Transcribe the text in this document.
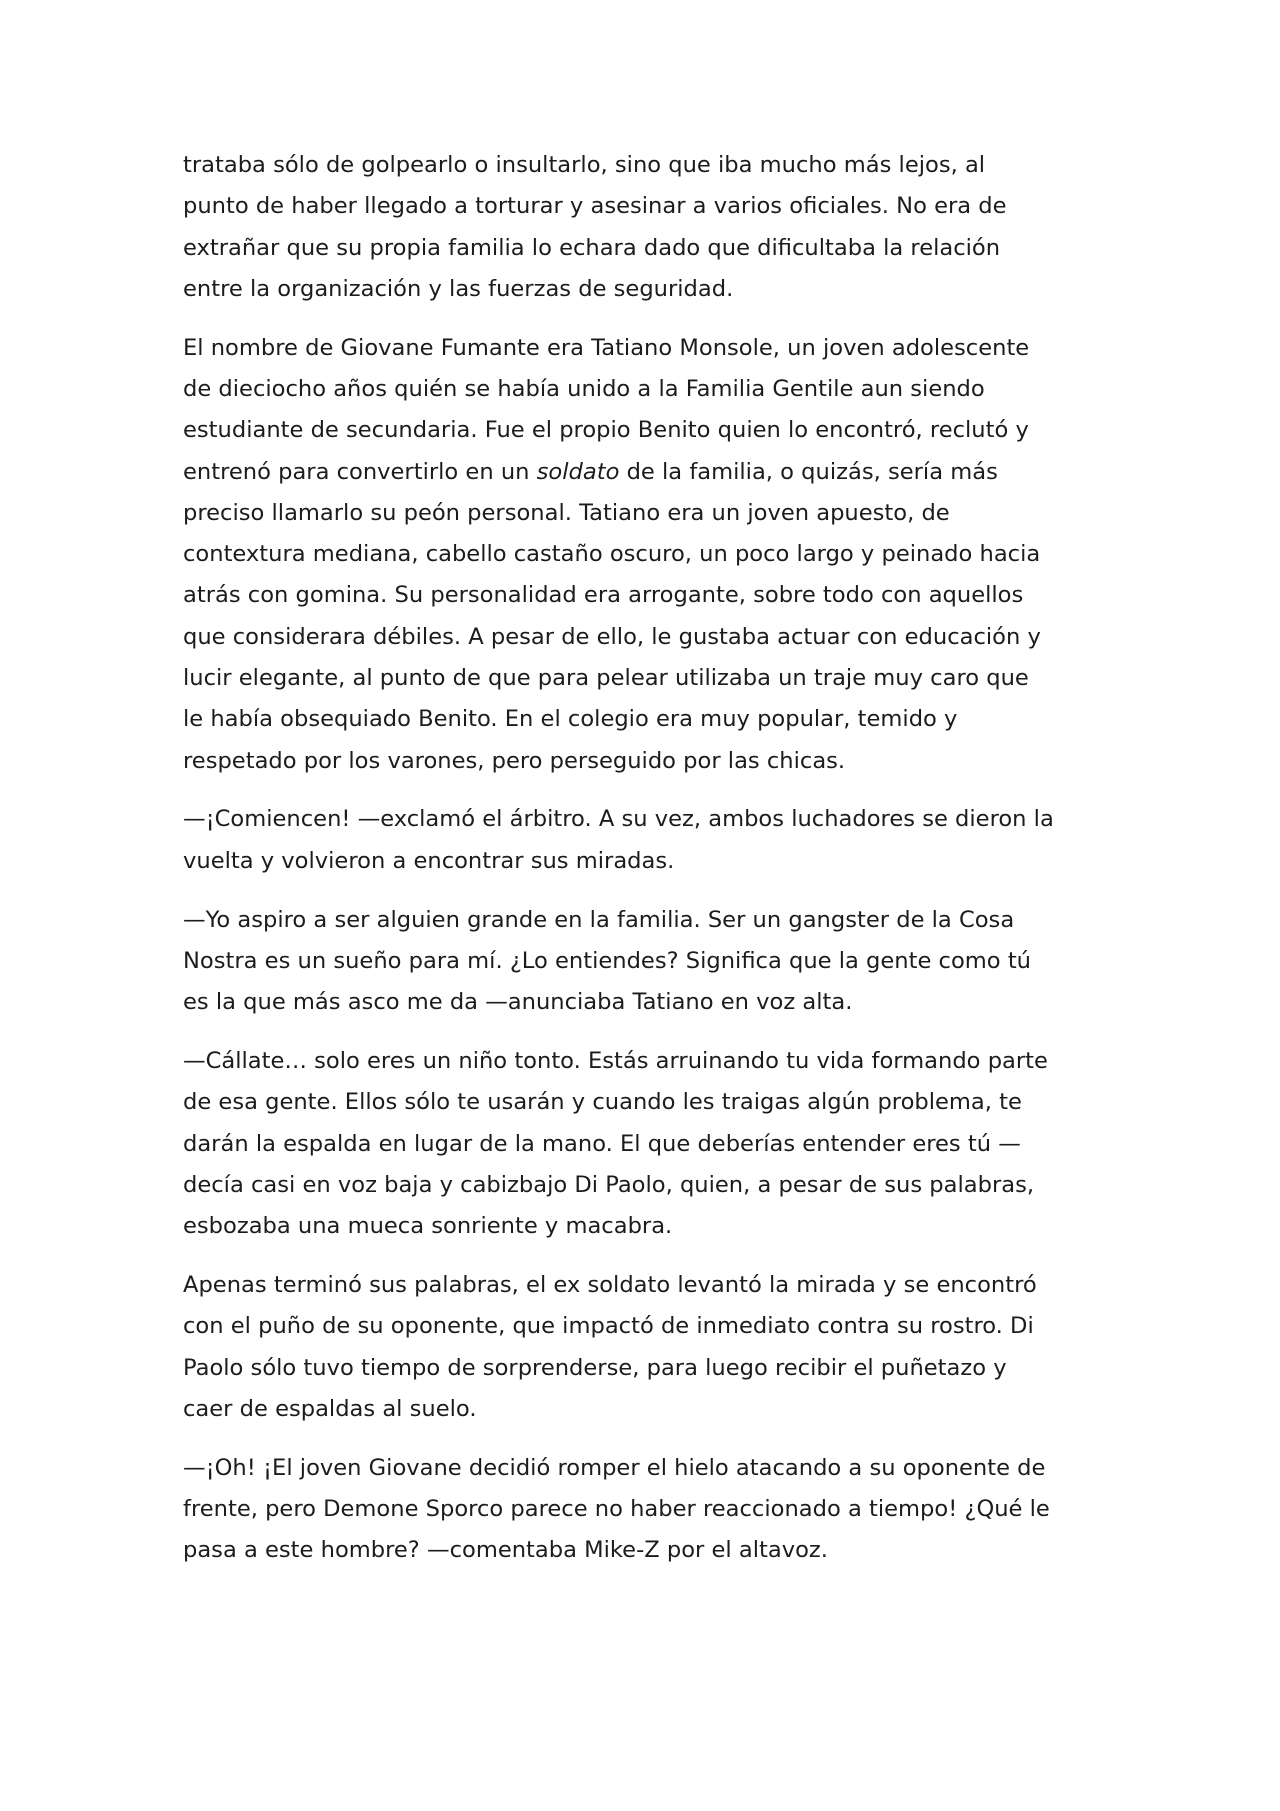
trataba sólo de golpearlo o insultarlo, sino que iba mucho más lejos, al
punto de haber llegado a torturar y asesinar a varios oficiales. No era de
extrañar que su propia familia lo echara dado que dificultaba la relación
entre la organización y las fuerzas de seguridad.

El nombre de Giovane Fumante era Tatiano Monsole, un joven adolescente
de dieciocho años quién se había unido a la Familia Gentile aun siendo
estudiante de secundaria. Fue el propio Benito quien lo encontró, reclutó y
entrenó para convertirlo en un soldato de la familia, o quizás, sería más
preciso llamarlo su peón personal. Tatiano era un joven apuesto, de
contextura mediana, cabello castaño oscuro, un poco largo y peinado hacia
atrás con gomina. Su personalidad era arrogante, sobre todo con aquellos
que considerara débiles. A pesar de ello, le gustaba actuar con educación y
lucir elegante, al punto de que para pelear utilizaba un traje muy caro que
le había obsequiado Benito. En el colegio era muy popular, temido y
respetado por los varones, pero perseguido por las chicas.

—¡Comiencen! —exclamó el árbitro. A su vez, ambos luchadores se dieron la
vuelta y volvieron a encontrar sus miradas.

—Yo aspiro a ser alguien grande en la familia. Ser un gangster de la Cosa
Nostra es un sueño para mí. ¿Lo entiendes? Significa que la gente como tú
es la que más asco me da —anunciaba Tatiano en voz alta.

—Cállate… solo eres un niño tonto. Estás arruinando tu vida formando parte
de esa gente. Ellos sólo te usarán y cuando les traigas algún problema, te
darán la espalda en lugar de la mano. El que deberías entender eres tú —
decía casi en voz baja y cabizbajo Di Paolo, quien, a pesar de sus palabras,
esbozaba una mueca sonriente y macabra.

Apenas terminó sus palabras, el ex soldato levantó la mirada y se encontró
con el puño de su oponente, que impactó de inmediato contra su rostro. Di
Paolo sólo tuvo tiempo de sorprenderse, para luego recibir el puñetazo y
caer de espaldas al suelo.

—¡Oh! ¡El joven Giovane decidió romper el hielo atacando a su oponente de
frente, pero Demone Sporco parece no haber reaccionado a tiempo! ¿Qué le
pasa a este hombre? —comentaba Mike-Z por el altavoz.
